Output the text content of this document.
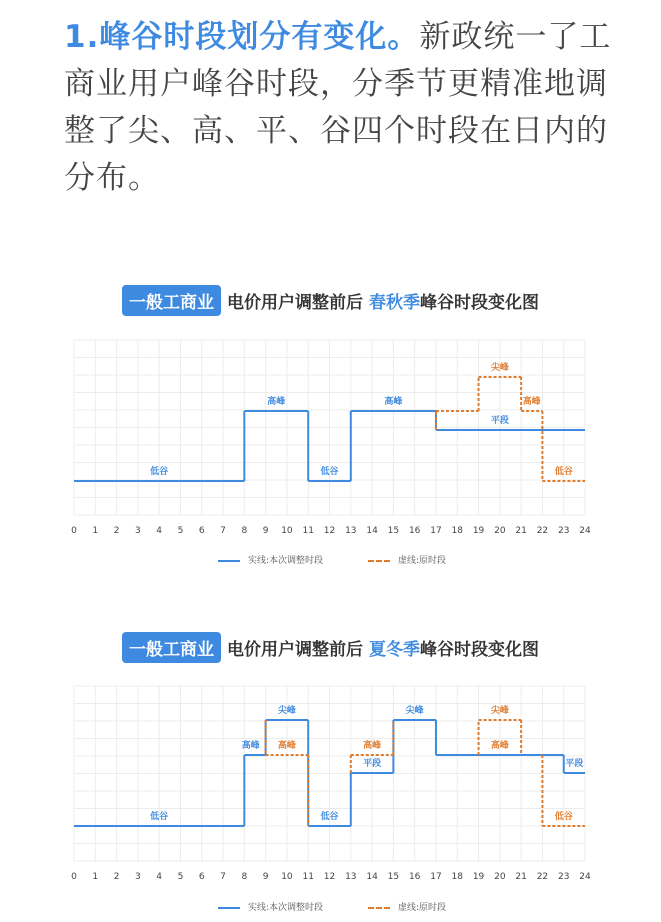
1.峰谷时段划分有变化。新政统一了工商业用户峰谷时段，分季节更精准地调整了尖、高、平、谷四个时段在日内的分布。

一般工商业 电价用户调整前后 春秋季峰谷时段变化图
低谷
高峰
低谷
高峰
平段
尖峰
高峰
低谷
0 1 2 3 4 5 6 7 8 9 10 11 12 13 14 15 16 17 18 19 20 21 22 23 24
实线:本次调整时段	虚线:原时段
一般工商业 电价用户调整前后 夏冬季峰谷时段变化图
低谷
高峰
尖峰
高峰
低谷
高峰
平段
尖峰	尖峰
高峰
平段
低谷
0 1 2 3 4 5 6 7 8 9 10 11 12 13 14 15 16 17 18 19 20 21 22 23 24
实线:本次调整时段	虚线:原时段
